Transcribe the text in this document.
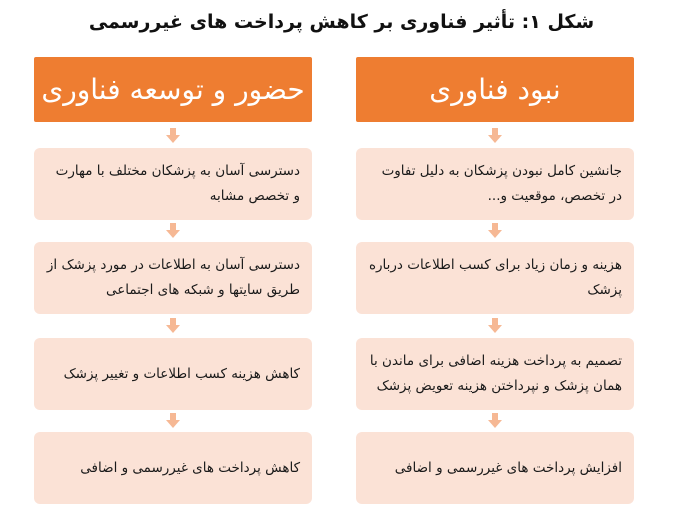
شکل ۱: تأثیر فناوری بر کاهش پرداخت های غیررسمی
نبود فناوری
جانشین کامل نبودن پزشکان به دلیل تفاوت در تخصص، موقعیت و...
هزینه و زمان زیاد برای کسب اطلاعات درباره پزشک
تصمیم به پرداخت هزینه اضافی برای ماندن با همان پزشک و نپرداختن هزینه تعویض پزشک
افزایش پرداخت های غیررسمی و اضافی
حضور و توسعه فناوری
دسترسی آسان به پزشکان مختلف با مهارت و تخصص مشابه
دسترسی آسان به اطلاعات در مورد پزشک از طریق سایتها و شبکه های اجتماعی
کاهش هزینه کسب اطلاعات و تغییر پزشک
کاهش پرداخت های غیررسمی و اضافی
